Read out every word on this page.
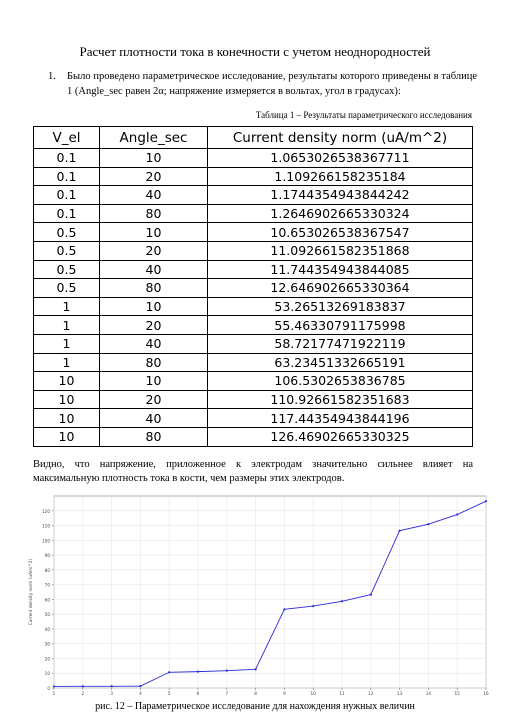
Расчет плотности тока в конечности с учетом неоднородностей
1. Было проведено параметрическое исследование, результаты которого приведены в таблице 1 (Angle_sec равен 2α; напряжение измеряется в вольтах, угол в градусах):
Таблица 1 – Результаты параметрического исследования
V_el	Angle_sec	Current density norm (uA/m^2)
0.1	10	1.0653026538367711
0.1	20	1.109266158235184
0.1	40	1.1744354943844242
0.1	80	1.2646902665330324
0.5	10	10.653026538367547
0.5	20	11.092661582351868
0.5	40	11.744354943844085
0.5	80	12.646902665330364
1	10	53.26513269183837
1	20	55.46330791175998
1	40	58.72177471922119
1	80	63.23451332665191
10	10	106.5302653836785
10	20	110.92661582351683
10	40	117.44354943844196
10	80	126.46902665330325
Видно, что напряжение, приложенное к электродам значительно сильнее влияет на максимальную плотность тока в кости, чем размеры этих электродов.
0
10
20
30
40
50
60
70
80
90
100
110
120
1	2	3	4	5	6	7	8	9	10	11	12	13	14	15	16
Current density norm (uA/m^2)
рис. 12 – Параметрическое исследование для нахождения нужных величин
